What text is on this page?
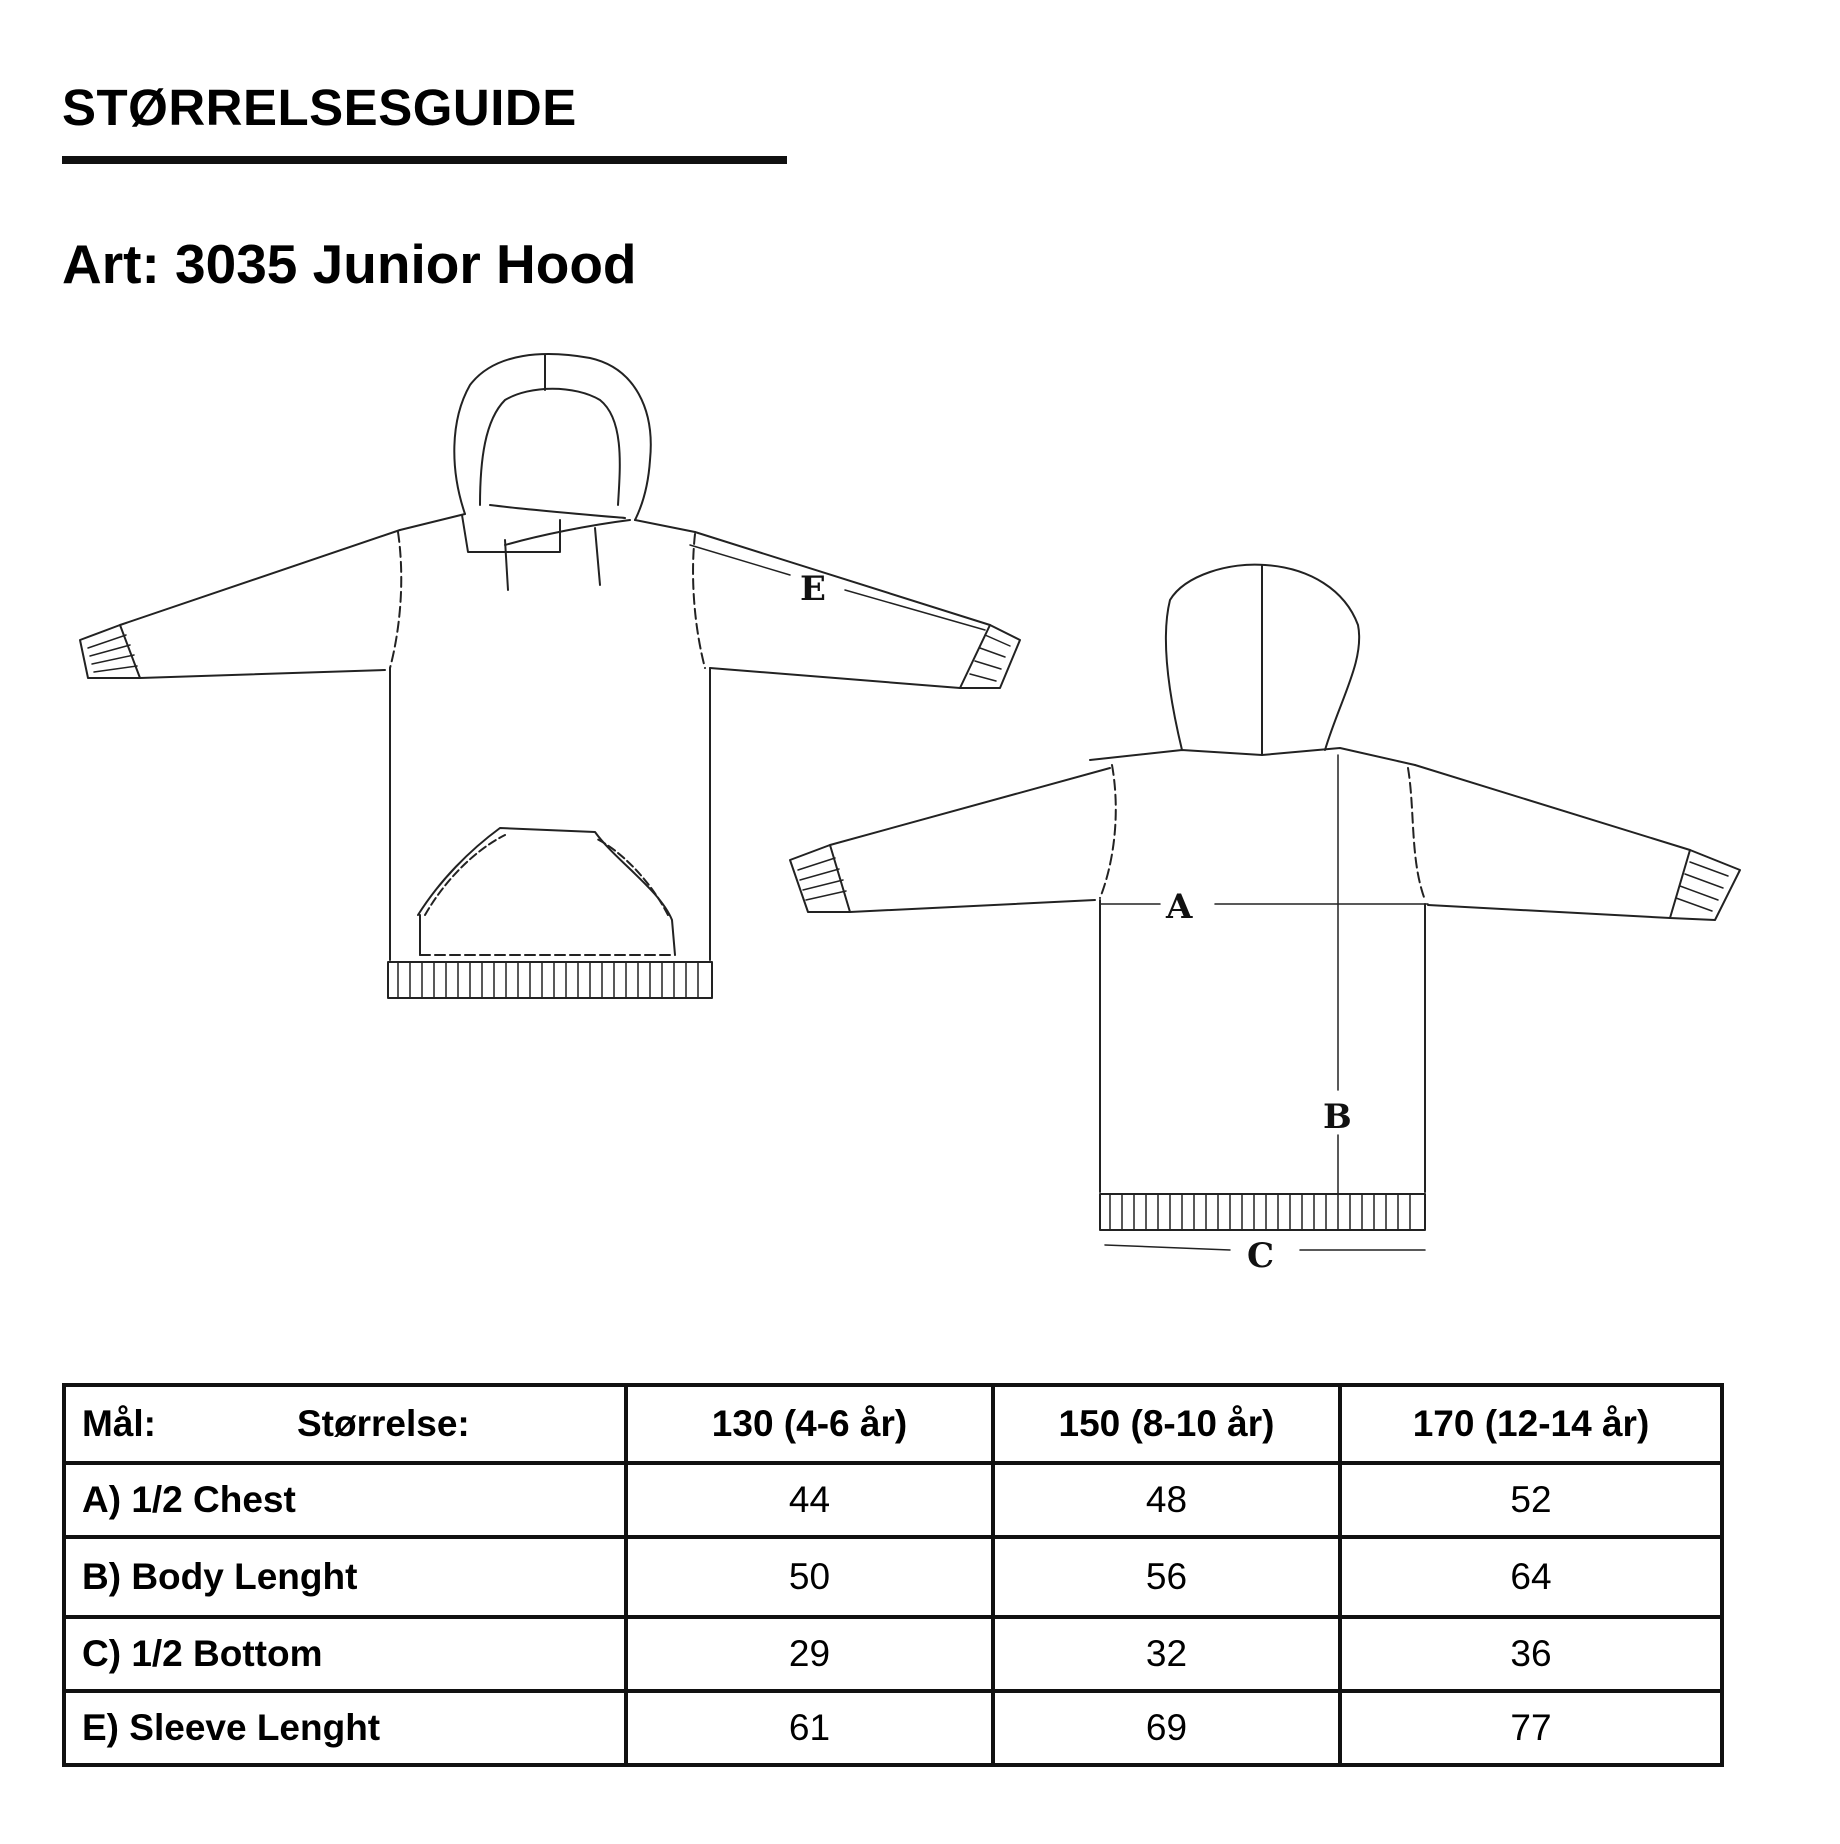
STØRRELSESGUIDE
Art: 3035 Junior Hood
E
A
B
C
Mål: Størrelse:	130 (4-6 år)	150 (8-10 år)	170 (12-14 år)
A) 1/2 Chest	44	48	52
B) Body Lenght	50	56	64
C) 1/2 Bottom	29	32	36
E) Sleeve Lenght	61	69	77
